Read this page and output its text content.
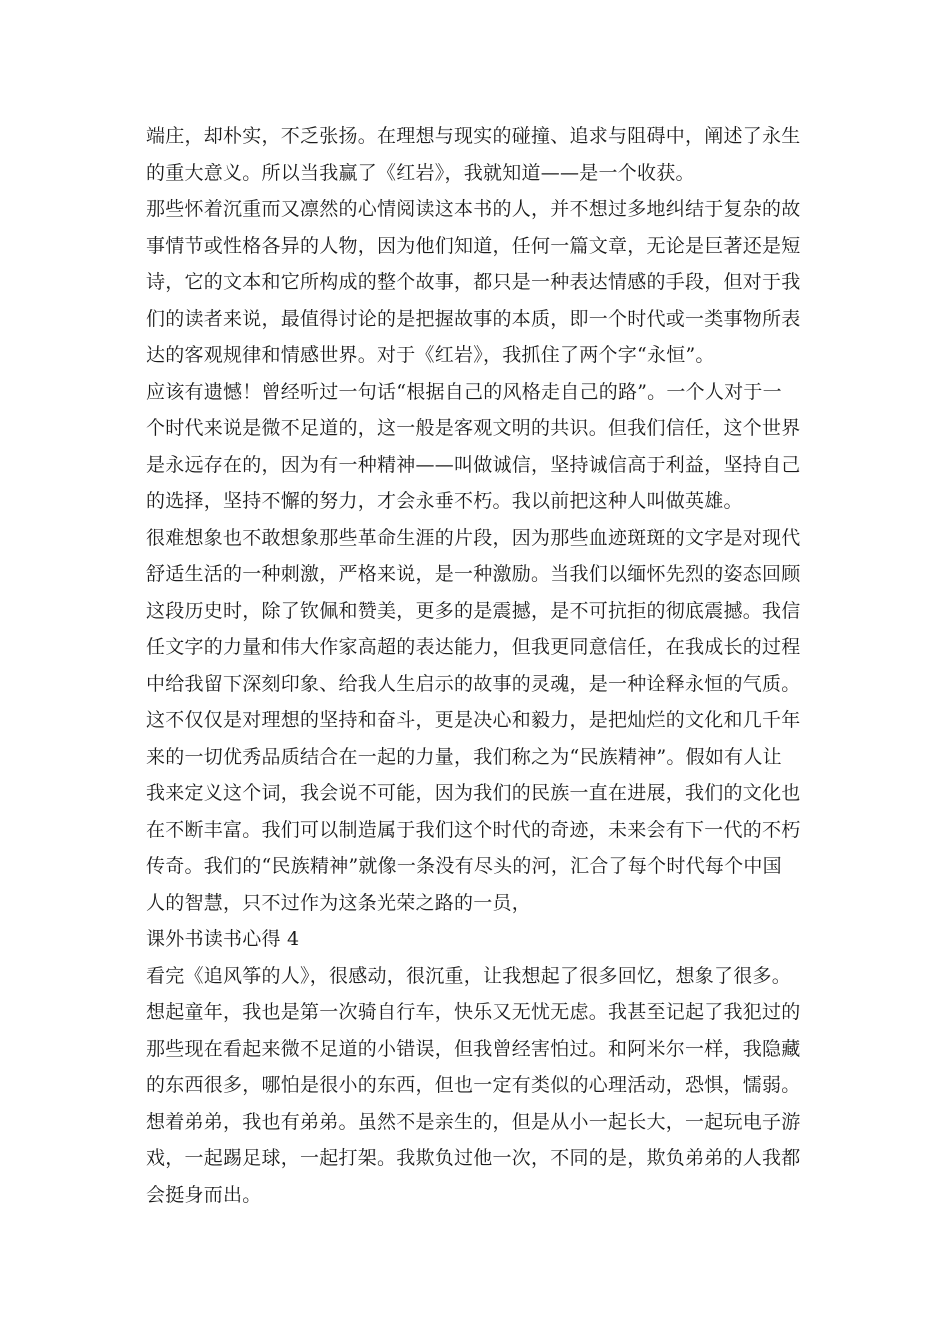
端庄，却朴实，不乏张扬。在理想与现实的碰撞、追求与阻碍中，阐述了永生
的重大意义。所以当我赢了《红岩》，我就知道——是一个收获。
那些怀着沉重而又凛然的心情阅读这本书的人，并不想过多地纠结于复杂的故
事情节或性格各异的人物，因为他们知道，任何一篇文章，无论是巨著还是短
诗，它的文本和它所构成的整个故事，都只是一种表达情感的手段，但对于我
们的读者来说，最值得讨论的是把握故事的本质，即一个时代或一类事物所表
达的客观规律和情感世界。对于《红岩》，我抓住了两个字“永恒”。
应该有遗憾！曾经听过一句话“根据自己的风格走自己的路”。一个人对于一
个时代来说是微不足道的，这一般是客观文明的共识。但我们信任，这个世界
是永远存在的，因为有一种精神——叫做诚信，坚持诚信高于利益，坚持自己
的选择，坚持不懈的努力，才会永垂不朽。我以前把这种人叫做英雄。
很难想象也不敢想象那些革命生涯的片段，因为那些血迹斑斑的文字是对现代
舒适生活的一种刺激，严格来说，是一种激励。当我们以缅怀先烈的姿态回顾
这段历史时，除了钦佩和赞美，更多的是震撼，是不可抗拒的彻底震撼。我信
任文字的力量和伟大作家高超的表达能力，但我更同意信任，在我成长的过程
中给我留下深刻印象、给我人生启示的故事的灵魂，是一种诠释永恒的气质。
这不仅仅是对理想的坚持和奋斗，更是决心和毅力，是把灿烂的文化和几千年
来的一切优秀品质结合在一起的力量，我们称之为“民族精神”。假如有人让
我来定义这个词，我会说不可能，因为我们的民族一直在进展，我们的文化也
在不断丰富。我们可以制造属于我们这个时代的奇迹，未来会有下一代的不朽
传奇。我们的“民族精神”就像一条没有尽头的河，汇合了每个时代每个中国
人的智慧，只不过作为这条光荣之路的一员，
课外书读书心得 4
看完《追风筝的人》，很感动，很沉重，让我想起了很多回忆，想象了很多。
想起童年，我也是第一次骑自行车，快乐又无忧无虑。我甚至记起了我犯过的
那些现在看起来微不足道的小错误，但我曾经害怕过。和阿米尔一样，我隐藏
的东西很多，哪怕是很小的东西，但也一定有类似的心理活动，恐惧，懦弱。
想着弟弟，我也有弟弟。虽然不是亲生的，但是从小一起长大，一起玩电子游
戏，一起踢足球，一起打架。我欺负过他一次，不同的是，欺负弟弟的人我都
会挺身而出。
